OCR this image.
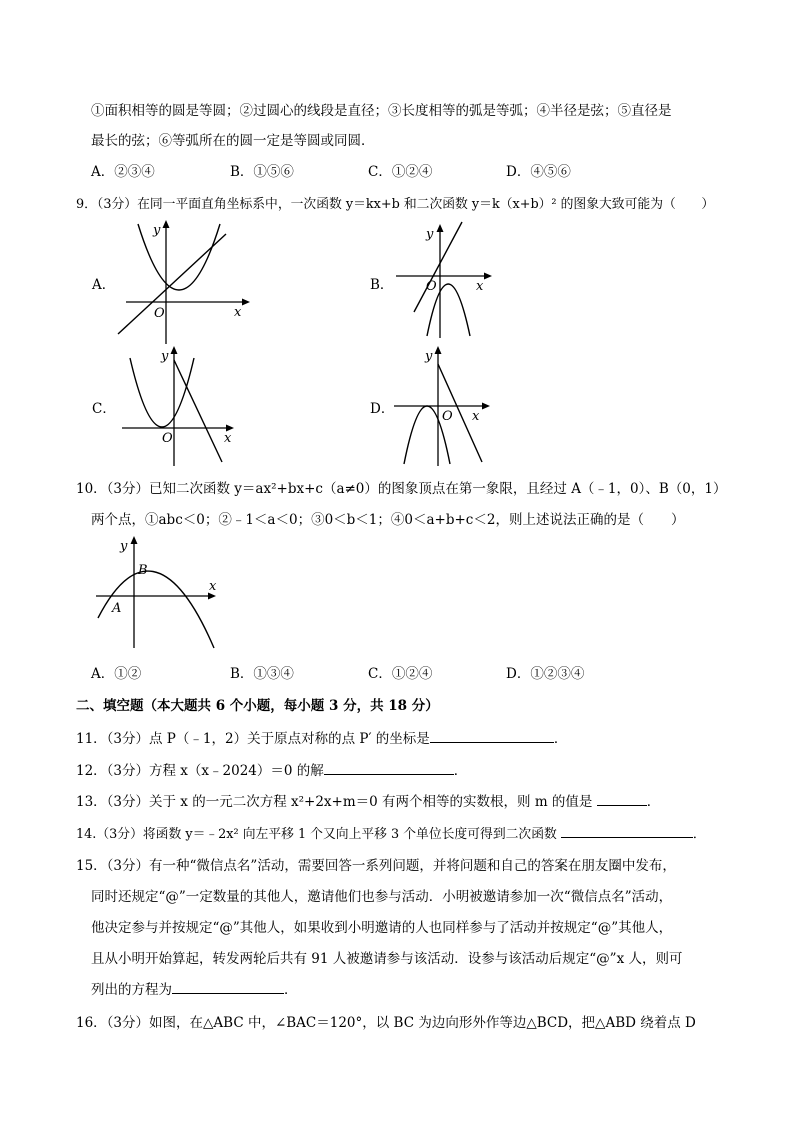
①面积相等的圆是等圆；②过圆心的线段是直径；③长度相等的弧是等弧；④半径是弦；⑤直径是
最长的弦；⑥等弧所在的圆一定是等圆或同圆．
A．②③④	B．①⑤⑥	C．①②④	D．④⑤⑥
9．（3分）在同一平面直角坐标系中，一次函数 y＝kx+b 和二次函数 y＝k（x+b）² 的图象大致可能为（　　）
A．
y
x
O
B．
y
x
O
C．
y
x
O
D．
y
x
O
10．（3分）已知二次函数 y＝ax²+bx+c（a≠0）的图象顶点在第一象限，且经过 A（﹣1，0）、B（0，1）
两个点，①abc＜0；②﹣1＜a＜0；③0＜b＜1；④0＜a+b+c＜2，则上述说法正确的是（　　）
y
x
B
A
A．①②	B．①③④	C．①②④	D．①②③④
二、填空题（本大题共 6 个小题，每小题 3 分，共 18 分）
11．（3分）点 P（﹣1，2）关于原点对称的点 P′ 的坐标是	．
12．（3分）方程 x（x﹣2024）＝0 的解	．
13．（3分）关于 x 的一元二次方程 x²+2x+m＝0 有两个相等的实数根，则 m 的值是	．
14.（3分）将函数 y＝﹣2x² 向左平移 1 个又向上平移 3 个单位长度可得到二次函数	．
15．（3分）有一种“微信点名”活动，需要回答一系列问题，并将问题和自己的答案在朋友圈中发布，
同时还规定“@”一定数量的其他人，邀请他们也参与活动．小明被邀请参加一次“微信点名”活动，
他决定参与并按规定“@”其他人，如果收到小明邀请的人也同样参与了活动并按规定“@”其他人，
且从小明开始算起，转发两轮后共有 91 人被邀请参与该活动．设参与该活动后规定“@”x 人，则可
列出的方程为	．
16．（3分）如图，在△ABC 中，∠BAC＝120°，以 BC 为边向形外作等边△BCD，把△ABD 绕着点 D
